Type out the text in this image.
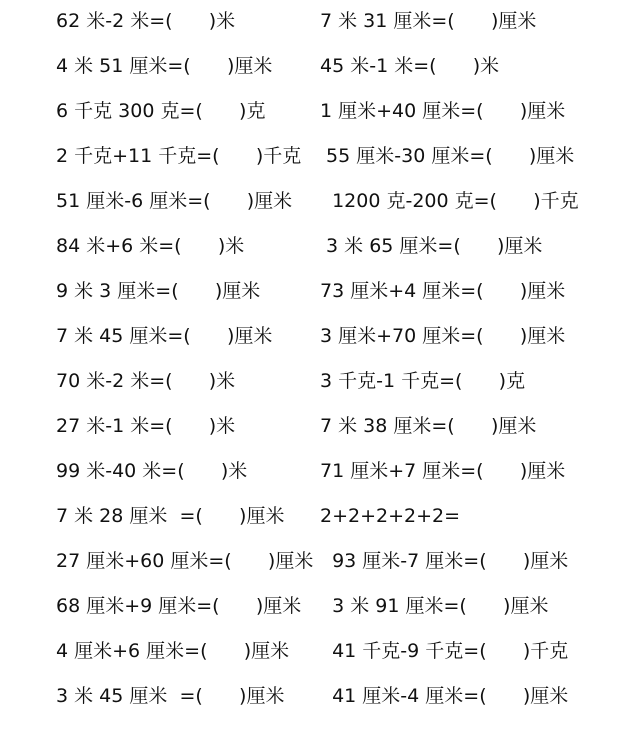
62 米-2 米=(      )米	7 米 31 厘米=(      )厘米
4 米 51 厘米=(      )厘米	45 米-1 米=(      )米
6 千克 300 克=(      )克	1 厘米+40 厘米=(      )厘米
2 千克+11 千克=(      )千克 55 厘米-30 厘米=(      )厘米
51 厘米-6 厘米=(      )厘米 1200 克-200 克=(      )千克
84 米+6 米=(      )米	3 米 65 厘米=(      )厘米
9 米 3 厘米=(      )厘米	73 厘米+4 厘米=(      )厘米
7 米 45 厘米=(      )厘米	3 厘米+70 厘米=(      )厘米
70 米-2 米=(      )米	3 千克-1 千克=(      )克
27 米-1 米=(      )米	7 米 38 厘米=(      )厘米
99 米-40 米=(      )米	71 厘米+7 厘米=(      )厘米
7 米 28 厘米  =(      )厘米 2+2+2+2+2=
27 厘米+60 厘米=(      )厘米 93 厘米-7 厘米=(      )厘米
68 厘米+9 厘米=(      )厘米 3 米 91 厘米=(      )厘米
4 厘米+6 厘米=(      )厘米 41 千克-9 千克=(      )千克
3 米 45 厘米  =(      )厘米 41 厘米-4 厘米=(      )厘米
